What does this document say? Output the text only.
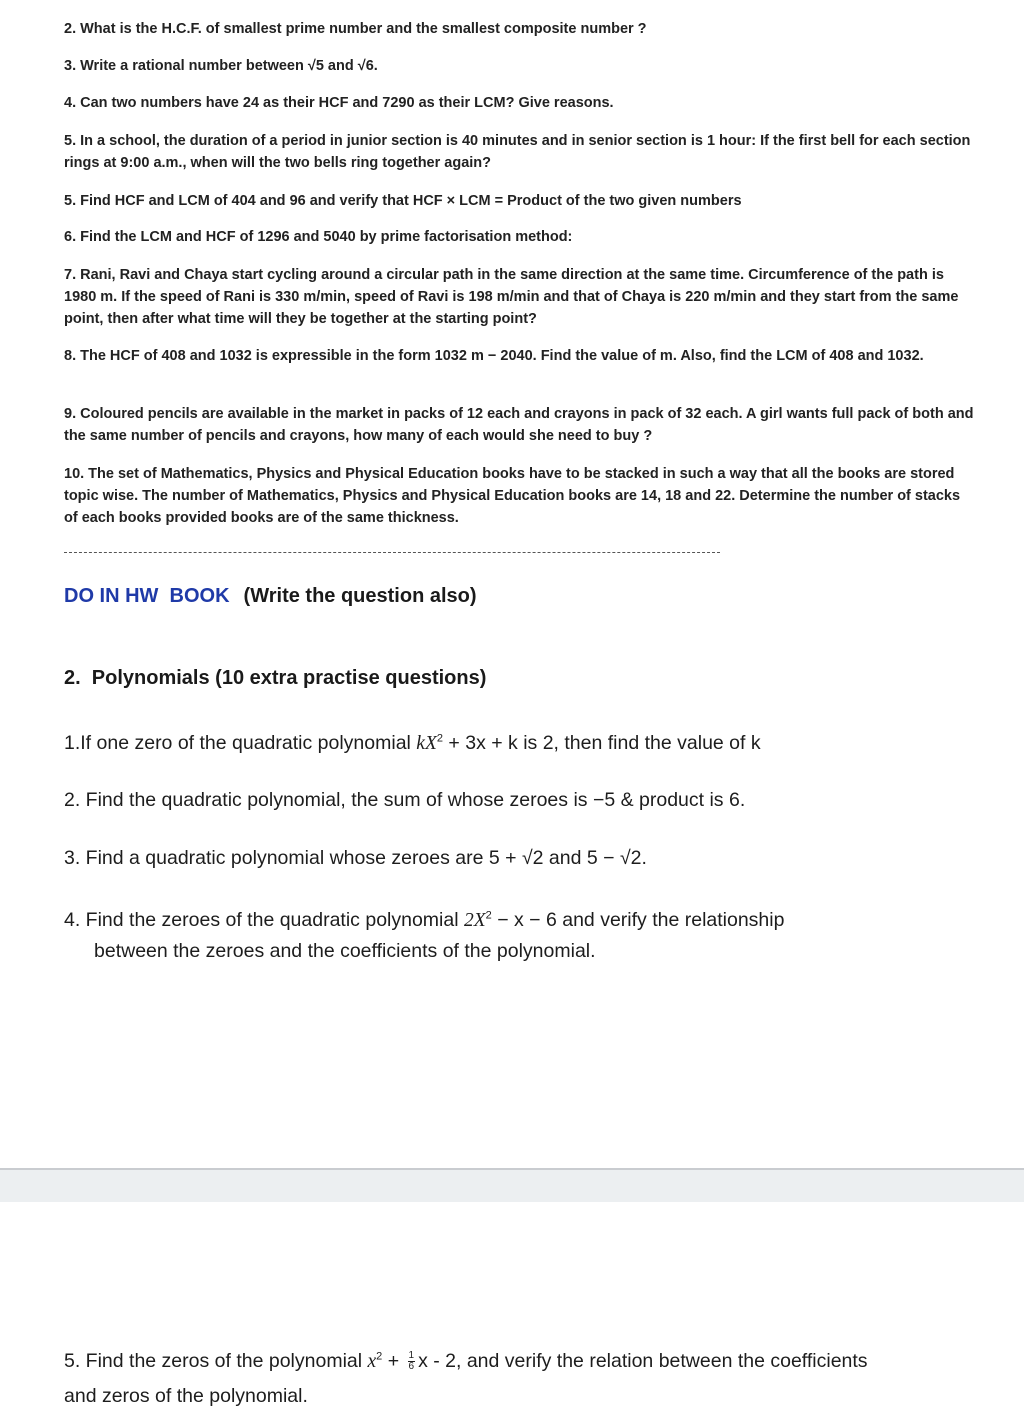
2. What is the H.C.F. of smallest prime number and the smallest composite number ?
3. Write a rational number between √5 and √6.
4. Can two numbers have 24 as their HCF and 7290 as their LCM? Give reasons.
5. In a school, the duration of a period in junior section is 40 minutes and in senior section is 1 hour: If the first bell for each section rings at 9:00 a.m., when will the two bells ring together again?
5. Find HCF and LCM of 404 and 96 and verify that HCF × LCM = Product of the two given numbers
6. Find the LCM and HCF of 1296 and 5040 by prime factorisation method:
7. Rani, Ravi and Chaya start cycling around a circular path in the same direction at the same time. Circumference of the path is 1980 m. If the speed of Rani is 330 m/min, speed of Ravi is 198 m/min and that of Chaya is 220 m/min and they start from the same point, then after what time will they be together at the starting point?
8. The HCF of 408 and 1032 is expressible in the form 1032 m − 2040. Find the value of m. Also, find the LCM of 408 and 1032.
9. Coloured pencils are available in the market in packs of 12 each and crayons in pack of 32 each. A girl wants full pack of both and the same number of pencils and crayons, how many of each would she need to buy ?
10. The set of Mathematics, Physics and Physical Education books have to be stacked in such a way that all the books are stored topic wise. The number of Mathematics, Physics and Physical Education books are 14, 18 and 22. Determine the number of stacks of each books provided books are of the same thickness.
DO IN HW  BOOK (Write the question also)
2.  Polynomials (10 extra practise questions)
1.If one zero of the quadratic polynomial $kX^2 + 3x + k$ is 2, then find the value of k
2. Find the quadratic polynomial, the sum of whose zeroes is −5 & product is 6.
3. Find a quadratic polynomial whose zeroes are 5 + √2 and 5 − √2.
4. Find the zeroes of the quadratic polynomial $2X^2 - x - 6$ and verify the relationship
between the zeroes and the coefficients of the polynomial.
5. Find the zeros of the polynomial $x^2 + \frac{1}{6}$ x - 2, and verify the relation between the coefficients
and zeros of the polynomial.
